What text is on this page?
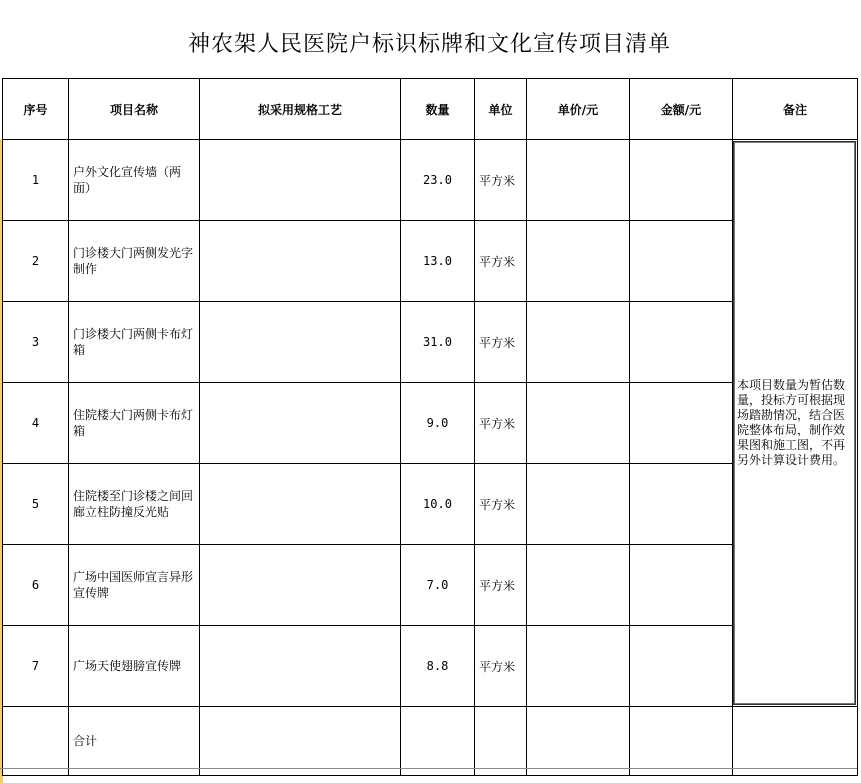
神农架人民医院户标识标牌和文化宣传项目清单
序号	项目名称	拟采用规格工艺	数量	单位	单价/元	金额/元	备注
1	户外文化宣传墙（两面）		23.0	平方米			本项目数量为暂估数量，投标方可根据现场踏勘情况，结合医院整体布局，制作效果图和施工图，不再另外计算设计费用。

2	门诊楼大门两侧发光字制作		13.0	平方米			
3	门诊楼大门两侧卡布灯箱		31.0	平方米			
4	住院楼大门两侧卡布灯箱		9.0	平方米			
5	住院楼至门诊楼之间回廊立柱防撞反光贴		10.0	平方米			
6	广场中国医师宣言异形宣传牌		7.0	平方米			
7	广场天使翅膀宣传牌		8.8	平方米			
	合计						
